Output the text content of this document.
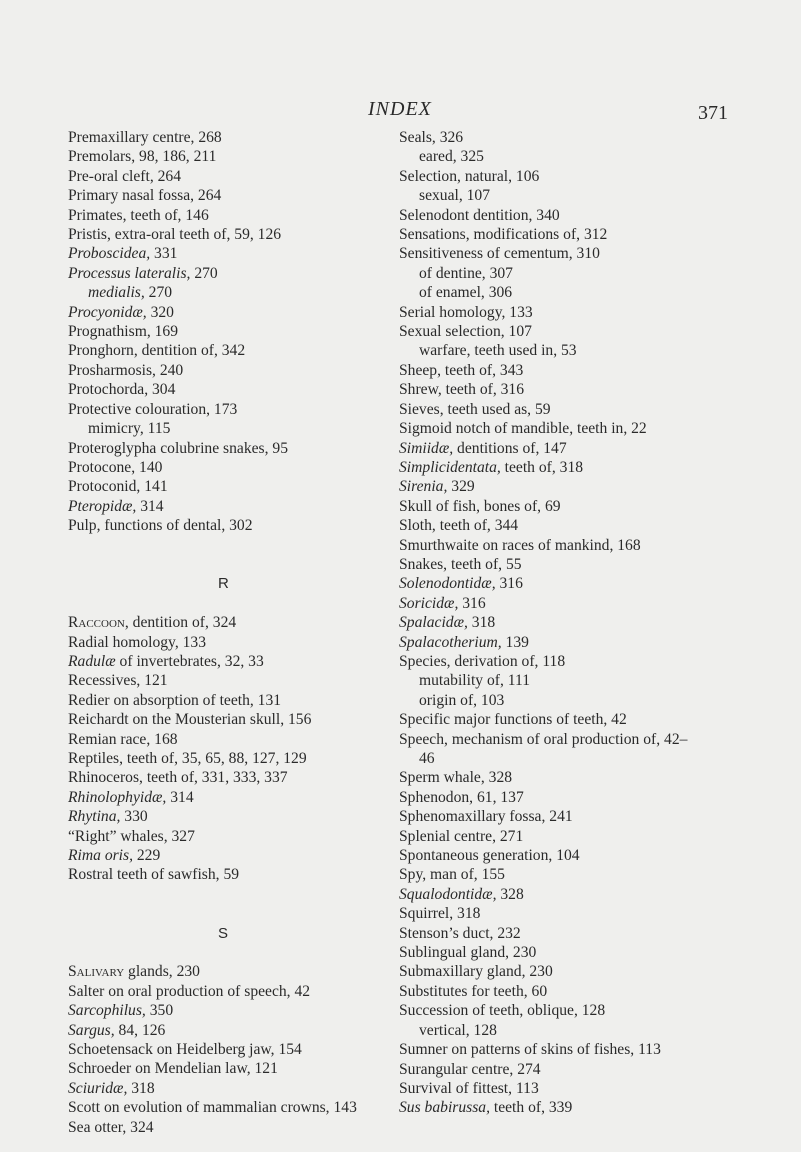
INDEX	371
Premaxillary centre, 268
Premolars, 98, 186, 211
Pre-oral cleft, 264
Primary nasal fossa, 264
Primates, teeth of, 146
Pristis, extra-oral teeth of, 59, 126
Proboscidea, 331
Processus lateralis, 270
medialis, 270
Procyonidæ, 320
Prognathism, 169
Pronghorn, dentition of, 342
Prosharmosis, 240
Protochorda, 304
Protective colouration, 173
mimicry, 115
Proteroglypha colubrine snakes, 95
Protocone, 140
Protoconid, 141
Pteropidæ, 314
Pulp, functions of dental, 302
R
Raccoon, dentition of, 324
Radial homology, 133
Radulæ of invertebrates, 32, 33
Recessives, 121
Redier on absorption of teeth, 131
Reichardt on the Mousterian skull, 156
Remian race, 168
Reptiles, teeth of, 35, 65, 88, 127, 129
Rhinoceros, teeth of, 331, 333, 337
Rhinolophyidæ, 314
Rhytina, 330
“Right” whales, 327
Rima oris, 229
Rostral teeth of sawfish, 59
S
Salivary glands, 230
Salter on oral production of speech, 42
Sarcophilus, 350
Sargus, 84, 126
Schoetensack on Heidelberg jaw, 154
Schroeder on Mendelian law, 121
Sciuridæ, 318
Scott on evolution of mammalian crowns, 143
Sea otter, 324
Seals, 326
eared, 325
Selection, natural, 106
sexual, 107
Selenodont dentition, 340
Sensations, modifications of, 312
Sensitiveness of cementum, 310
of dentine, 307
of enamel, 306
Serial homology, 133
Sexual selection, 107
warfare, teeth used in, 53
Sheep, teeth of, 343
Shrew, teeth of, 316
Sieves, teeth used as, 59
Sigmoid notch of mandible, teeth in, 22
Simiidæ, dentitions of, 147
Simplicidentata, teeth of, 318
Sirenia, 329
Skull of fish, bones of, 69
Sloth, teeth of, 344
Smurthwaite on races of mankind, 168
Snakes, teeth of, 55
Solenodontidæ, 316
Soricidæ, 316
Spalacidæ, 318
Spalacotherium, 139
Species, derivation of, 118
mutability of, 111
origin of, 103
Specific major functions of teeth, 42
Speech, mechanism of oral production of, 42–
46
Sperm whale, 328
Sphenodon, 61, 137
Sphenomaxillary fossa, 241
Splenial centre, 271
Spontaneous generation, 104
Spy, man of, 155
Squalodontidæ, 328
Squirrel, 318
Stenson’s duct, 232
Sublingual gland, 230
Submaxillary gland, 230
Substitutes for teeth, 60
Succession of teeth, oblique, 128
vertical, 128
Sumner on patterns of skins of fishes, 113
Surangular centre, 274
Survival of fittest, 113
Sus babirussa, teeth of, 339
